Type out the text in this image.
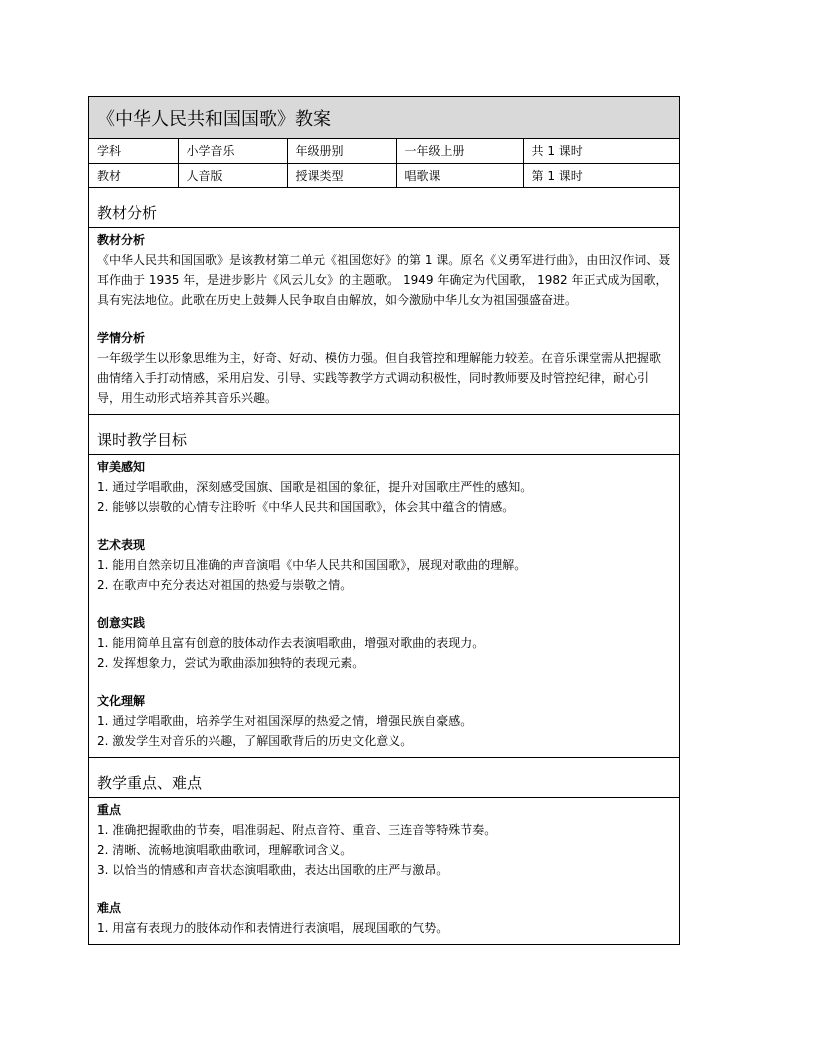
《中华人民共和国国歌》教案
学科	小学音乐	年级册别	一年级上册	共 1 课时
教材	人音版	授课类型	唱歌课	第 1 课时
教材分析

教材分析

《中华人民共和国国歌》是该教材第二单元《祖国您好》的第 1 课。原名《义勇军进行曲》，由田汉作词、聂耳作曲于 1935 年，是进步影片《风云儿女》的主题歌。 1949 年确定为代国歌， 1982 年正式成为国歌，具有宪法地位。此歌在历史上鼓舞人民争取自由解放，如今激励中华儿女为祖国强盛奋进。

学情分析

一年级学生以形象思维为主，好奇、好动、模仿力强。但自我管控和理解能力较差。在音乐课堂需从把握歌曲情绪入手打动情感，采用启发、引导、实践等教学方式调动积极性，同时教师要及时管控纪律，耐心引导，用生动形式培养其音乐兴趣。

课时教学目标

审美感知

1. 通过学唱歌曲，深刻感受国旗、国歌是祖国的象征，提升对国歌庄严性的感知。

2. 能够以崇敬的心情专注聆听《中华人民共和国国歌》，体会其中蕴含的情感。

艺术表现

1. 能用自然亲切且准确的声音演唱《中华人民共和国国歌》，展现对歌曲的理解。

2. 在歌声中充分表达对祖国的热爱与崇敬之情。

创意实践

1. 能用简单且富有创意的肢体动作去表演唱歌曲，增强对歌曲的表现力。

2. 发挥想象力，尝试为歌曲添加独特的表现元素。

文化理解

1. 通过学唱歌曲，培养学生对祖国深厚的热爱之情，增强民族自豪感。

2. 激发学生对音乐的兴趣，了解国歌背后的历史文化意义。

教学重点、难点

重点

1. 准确把握歌曲的节奏，唱准弱起、附点音符、重音、三连音等特殊节奏。

2. 清晰、流畅地演唱歌曲歌词，理解歌词含义。

3. 以恰当的情感和声音状态演唱歌曲，表达出国歌的庄严与激昂。

难点

1. 用富有表现力的肢体动作和表情进行表演唱，展现国歌的气势。
